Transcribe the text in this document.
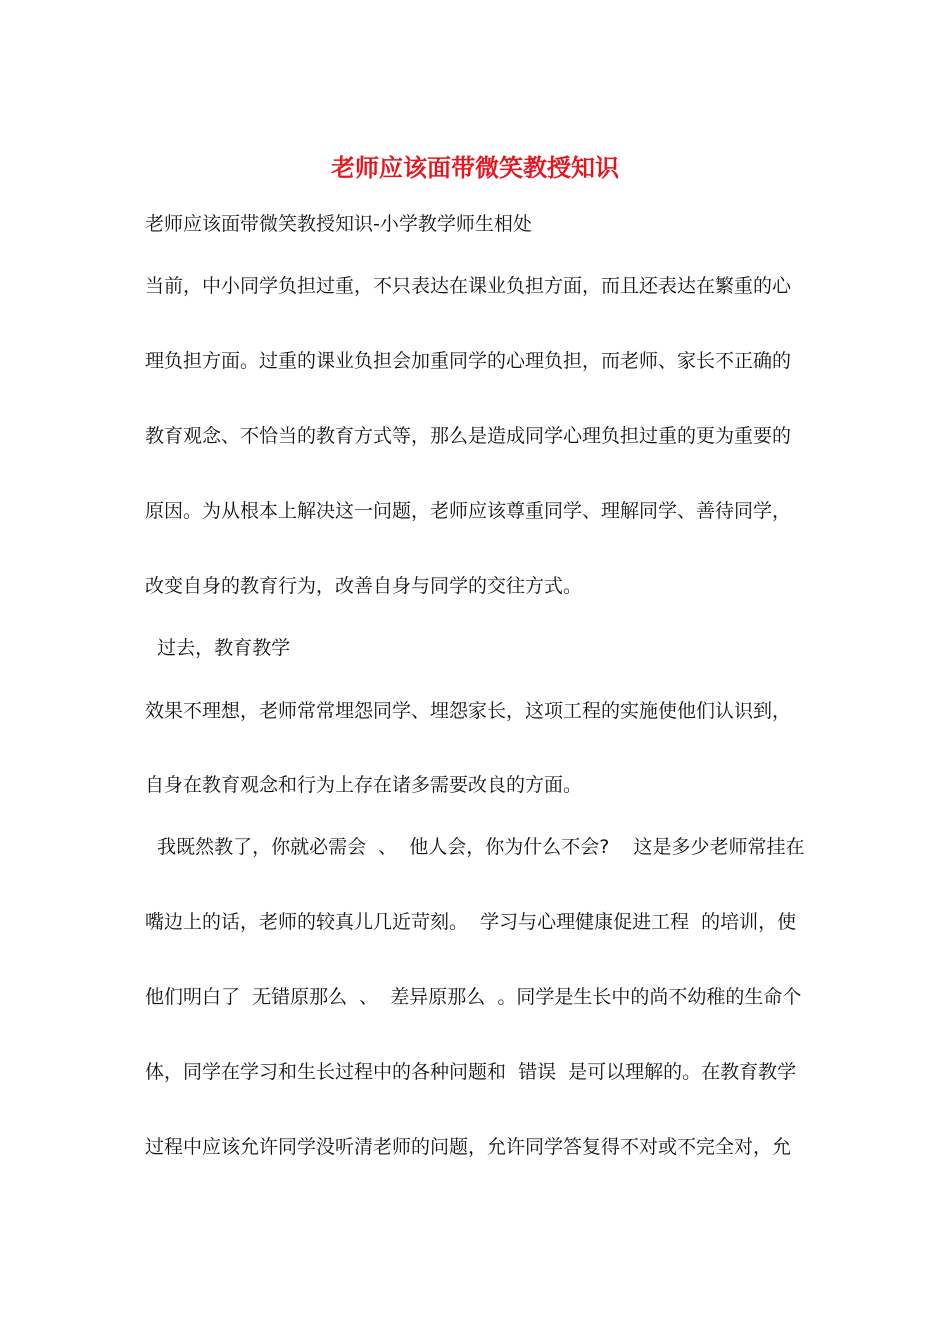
老师应该面带微笑教授知识
老师应该面带微笑教授知识-小学教学师生相处
当前，中小同学负担过重，不只表达在课业负担方面，而且还表达在繁重的心
理负担方面。过重的课业负担会加重同学的心理负担，而老师、家长不正确的
教育观念、不恰当的教育方式等，那么是造成同学心理负担过重的更为重要的
原因。为从根本上解决这一问题，老师应该尊重同学、理解同学、善待同学，
改变自身的教育行为，改善自身与同学的交往方式。
过去，教育教学
效果不理想，老师常常埋怨同学、埋怨家长，这项工程的实施使他们认识到，
自身在教育观念和行为上存在诸多需要改良的方面。
我既然教了，你就必需会  、  他人会，你为什么不会?    这是多少老师常挂在
嘴边上的话，老师的较真儿几近苛刻。  学习与心理健康促进工程  的培训，使
他们明白了  无错原那么  、  差异原那么  。同学是生长中的尚不幼稚的生命个
体，同学在学习和生长过程中的各种问题和  错误  是可以理解的。在教育教学
过程中应该允许同学没听清老师的问题，允许同学答复得不对或不完全对，允
